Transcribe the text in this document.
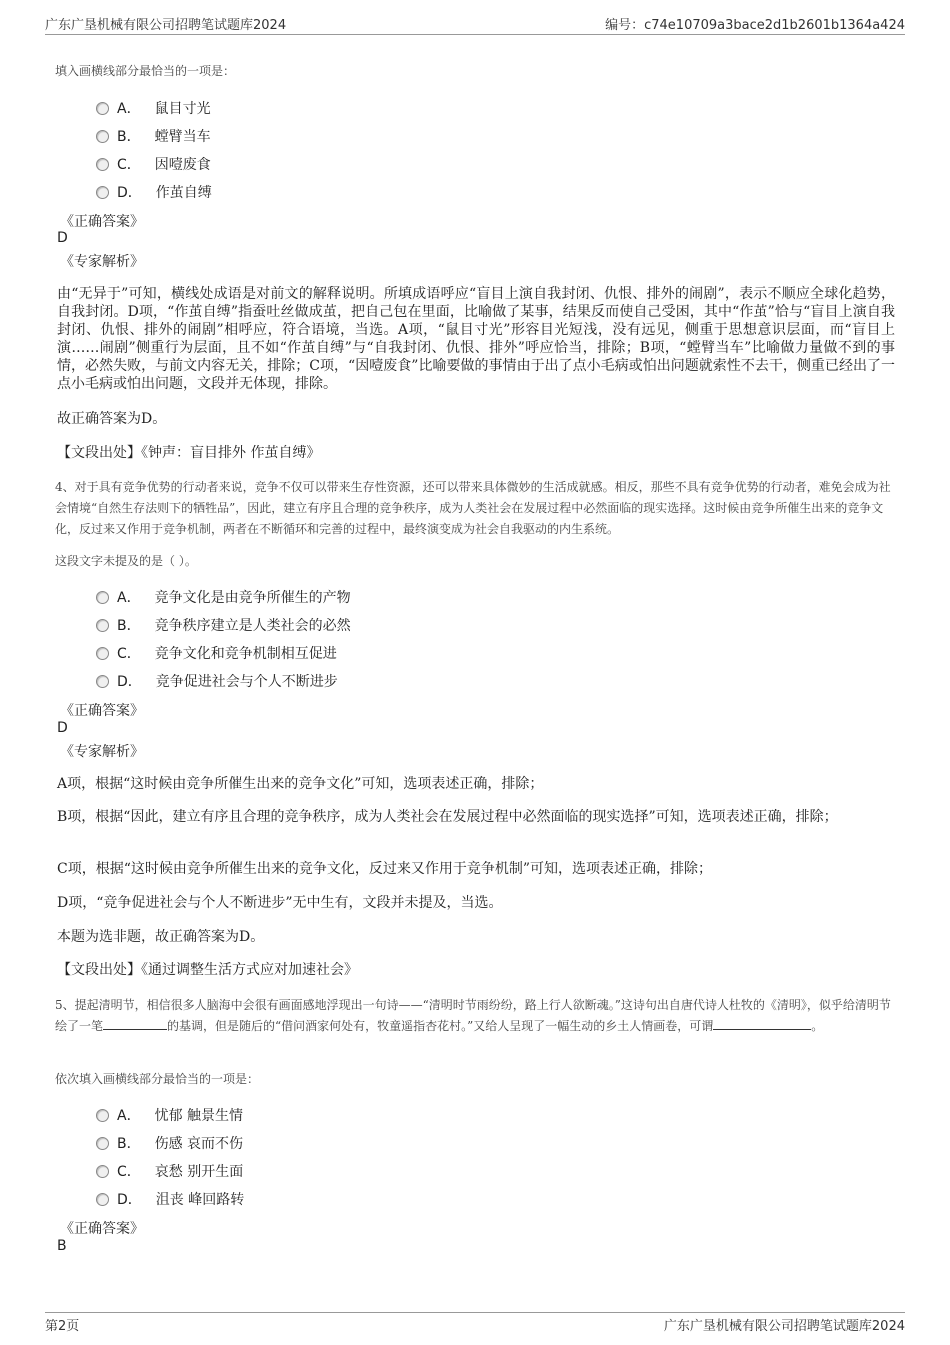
广东广垦机械有限公司招聘笔试题库2024	编号：c74e10709a3bace2d1b2601b1364a424
填入画横线部分最恰当的一项是：
A． 鼠目寸光
B． 螳臂当车
C． 因噎废食
D． 作茧自缚
《正确答案》
D
《专家解析》
由“无异于”可知，横线处成语是对前文的解释说明。所填成语呼应“盲目上演自我封闭、仇恨、排外的闹剧”，表示不顺应全球化趋势，自我封闭。D项，“作茧自缚”指蚕吐丝做成茧，把自己包在里面，比喻做了某事，结果反而使自己受困，其中“作茧”恰与“盲目上演自我封闭、仇恨、排外的闹剧”相呼应，符合语境，当选。A项，“鼠目寸光”形容目光短浅，没有远见，侧重于思想意识层面，而“盲目上演……闹剧”侧重行为层面，且不如“作茧自缚”与“自我封闭、仇恨、排外”呼应恰当，排除；B项，“螳臂当车”比喻做力量做不到的事情，必然失败，与前文内容无关，排除；C项，“因噎废食”比喻要做的事情由于出了点小毛病或怕出问题就索性不去干，侧重已经出了一点小毛病或怕出问题，文段并无体现，排除。
故正确答案为D。
【文段出处】《钟声：盲目排外 作茧自缚》
4、对于具有竞争优势的行动者来说，竞争不仅可以带来生存性资源，还可以带来具体微妙的生活成就感。相反，那些不具有竞争优势的行动者，难免会成为社会情境“自然生存法则下的牺牲品”，因此，建立有序且合理的竞争秩序，成为人类社会在发展过程中必然面临的现实选择。这时候由竞争所催生出来的竞争文化，反过来又作用于竞争机制，两者在不断循环和完善的过程中，最终演变成为社会自我驱动的内生系统。
这段文字未提及的是（ ）。
A． 竞争文化是由竞争所催生的产物
B． 竞争秩序建立是人类社会的必然
C． 竞争文化和竞争机制相互促进
D． 竞争促进社会与个人不断进步
《正确答案》
D
《专家解析》
A项，根据“这时候由竞争所催生出来的竞争文化”可知，选项表述正确，排除；
B项，根据“因此，建立有序且合理的竞争秩序，成为人类社会在发展过程中必然面临的现实选择”可知，选项表述正确，排除；
C项，根据“这时候由竞争所催生出来的竞争文化，反过来又作用于竞争机制”可知，选项表述正确，排除；
D项，“竞争促进社会与个人不断进步”无中生有，文段并未提及，当选。
本题为选非题，故正确答案为D。
【文段出处】《通过调整生活方式应对加速社会》
5、提起清明节，相信很多人脑海中会很有画面感地浮现出一句诗——“清明时节雨纷纷，路上行人欲断魂。”这诗句出自唐代诗人杜牧的《清明》，似乎给清明节绘了一笔	的基调，但是随后的“借问酒家何处有，牧童遥指杏花村。”又给人呈现了一幅生动的乡土人情画卷，可谓	。
依次填入画横线部分最恰当的一项是：
A． 忧郁 触景生情
B． 伤感 哀而不伤
C． 哀愁 别开生面
D． 沮丧 峰回路转
《正确答案》
B
第2页	广东广垦机械有限公司招聘笔试题库2024
